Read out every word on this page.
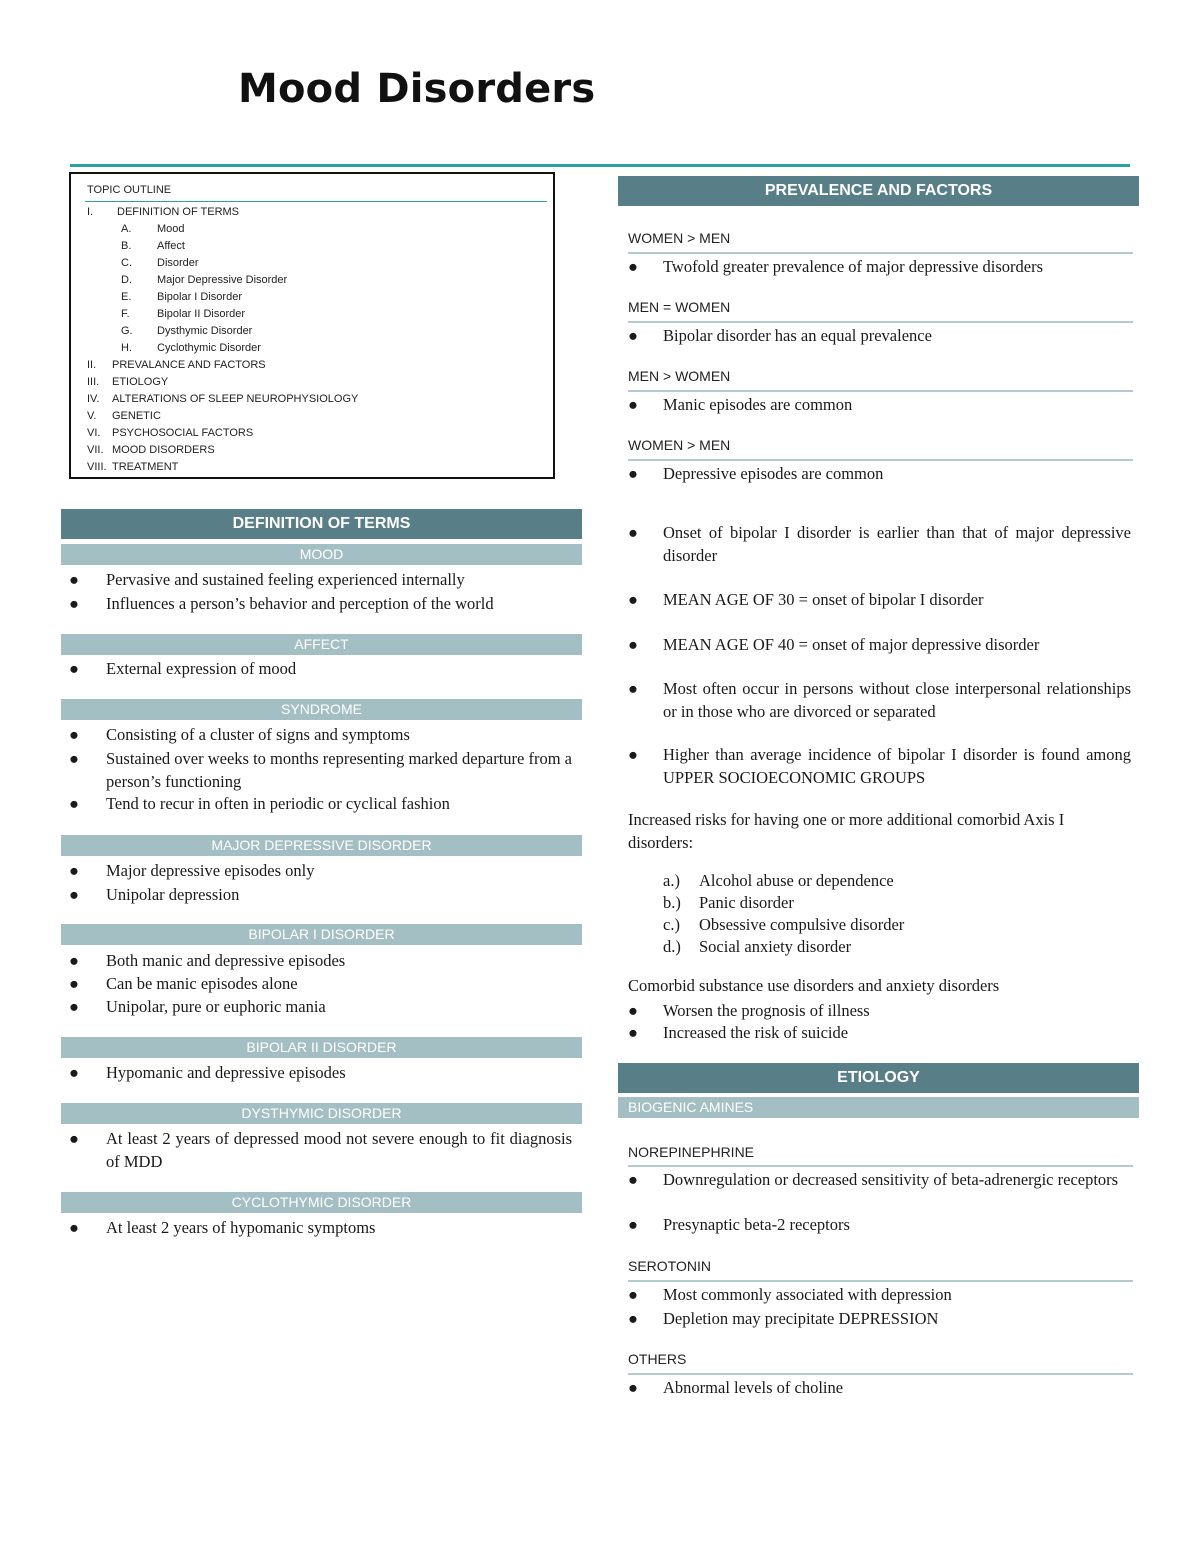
Mood Disorders
TOPIC OUTLINE
I.	DEFINITION OF TERMS
A.	Mood
B.	Affect
C.	Disorder
D.	Major Depressive Disorder
E.	Bipolar I Disorder
F.	Bipolar II Disorder
G.	Dysthymic Disorder
H.	Cyclothymic Disorder
II.	PREVALANCE AND FACTORS
III.	ETIOLOGY
IV.	ALTERATIONS OF SLEEP NEUROPHYSIOLOGY
V.	GENETIC
VI.	PSYCHOSOCIAL FACTORS
VII. MOOD DISORDERS
VIII. TREATMENT
DEFINITION OF TERMS
MOOD
● Pervasive and sustained feeling experienced internally
● Influences a person’s behavior and perception of the world
AFFECT
● External expression of mood
SYNDROME
● Consisting of a cluster of signs and symptoms
● Sustained over weeks to months representing marked departure from a person’s functioning
● Tend to recur in often in periodic or cyclical fashion
MAJOR DEPRESSIVE DISORDER
● Major depressive episodes only
● Unipolar depression
BIPOLAR I DISORDER
● Both manic and depressive episodes
● Can be manic episodes alone
● Unipolar, pure or euphoric mania
BIPOLAR II DISORDER
● Hypomanic and depressive episodes
DYSTHYMIC DISORDER
● At least 2 years of depressed mood not severe enough to fit diagnosis of MDD
CYCLOTHYMIC DISORDER
● At least 2 years of hypomanic symptoms
PREVALENCE AND FACTORS
WOMEN > MEN
● Twofold greater prevalence of major depressive disorders
MEN = WOMEN
● Bipolar disorder has an equal prevalence
MEN > WOMEN
● Manic episodes are common
WOMEN > MEN
● Depressive episodes are common
● Onset of bipolar I disorder is earlier than that of major depressive disorder
● MEAN AGE OF 30 = onset of bipolar I disorder
● MEAN AGE OF 40 = onset of major depressive disorder
● Most often occur in persons without close interpersonal relationships or in those who are divorced or separated
● Higher than average incidence of bipolar I disorder is found among UPPER SOCIOECONOMIC GROUPS
Increased risks for having one or more additional comorbid Axis I disorders:
a.) Alcohol abuse or dependence
b.) Panic disorder
c.) Obsessive compulsive disorder
d.) Social anxiety disorder
Comorbid substance use disorders and anxiety disorders
● Worsen the prognosis of illness
● Increased the risk of suicide
ETIOLOGY
BIOGENIC AMINES
NOREPINEPHRINE
● Downregulation or decreased sensitivity of beta-adrenergic receptors
● Presynaptic beta-2 receptors
SEROTONIN
● Most commonly associated with depression
● Depletion may precipitate DEPRESSION
OTHERS
● Abnormal levels of choline
